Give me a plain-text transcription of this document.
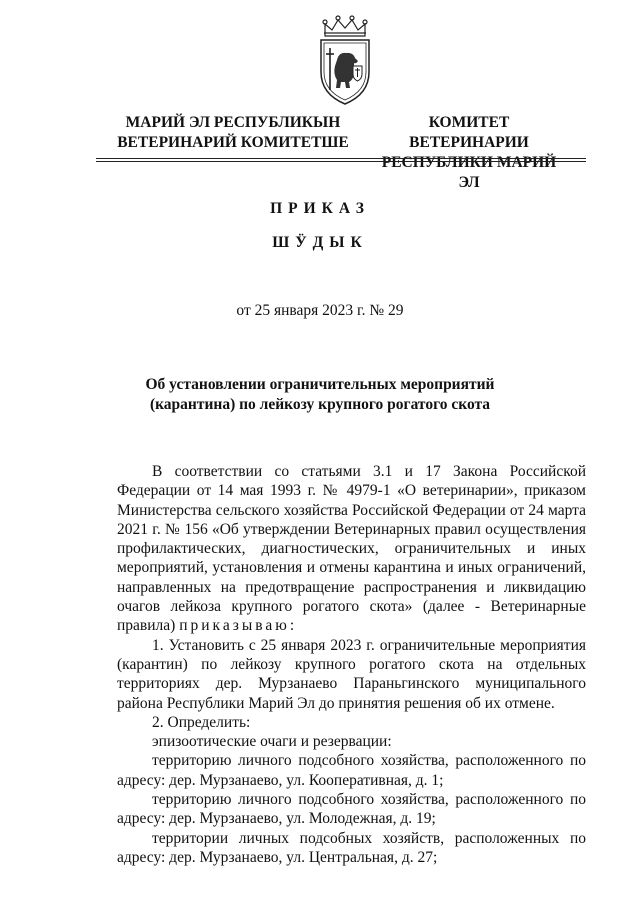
МАРИЙ ЭЛ РЕСПУБЛИКЫН
ВЕТЕРИНАРИЙ КОМИТЕТШЕ
КОМИТЕТ ВЕТЕРИНАРИИ
РЕСПУБЛИКИ МАРИЙ ЭЛ
ПРИКАЗ
ШӰДЫК
от 25 января 2023 г. № 29
Об установлении ограничительных мероприятий
(карантина) по лейкозу крупного рогатого скота

В соответствии со статьями 3.1 и 17 Закона Российской Федерации от 14 мая 1993 г. № 4979-1 «О ветеринарии», приказом Министерства сельского хозяйства Российской Федерации от 24 марта 2021 г. № 156 «Об утверждении Ветеринарных правил осуществления профилактических, диагностических, ограничительных и иных мероприятий, установления и отмены карантина и иных ограничений, направленных на предотвращение распространения и ликвидацию очагов лейкоза крупного рогатого скота» (далее - Ветеринарные правила) приказываю:

1. Установить с 25 января 2023 г. ограничительные мероприятия (карантин) по лейкозу крупного рогатого скота на отдельных территориях дер. Мурзанаево Параньгинского муниципального района Республики Марий Эл до принятия решения об их отмене.

2. Определить:

эпизоотические очаги и резервации:

территорию личного подсобного хозяйства, расположенного по адресу: дер. Мурзанаево, ул. Кооперативная, д. 1;

территорию личного подсобного хозяйства, расположенного по адресу: дер. Мурзанаево, ул. Молодежная, д. 19;

территории личных подсобных хозяйств, расположенных по адресу: дер. Мурзанаево, ул. Центральная, д. 27;
